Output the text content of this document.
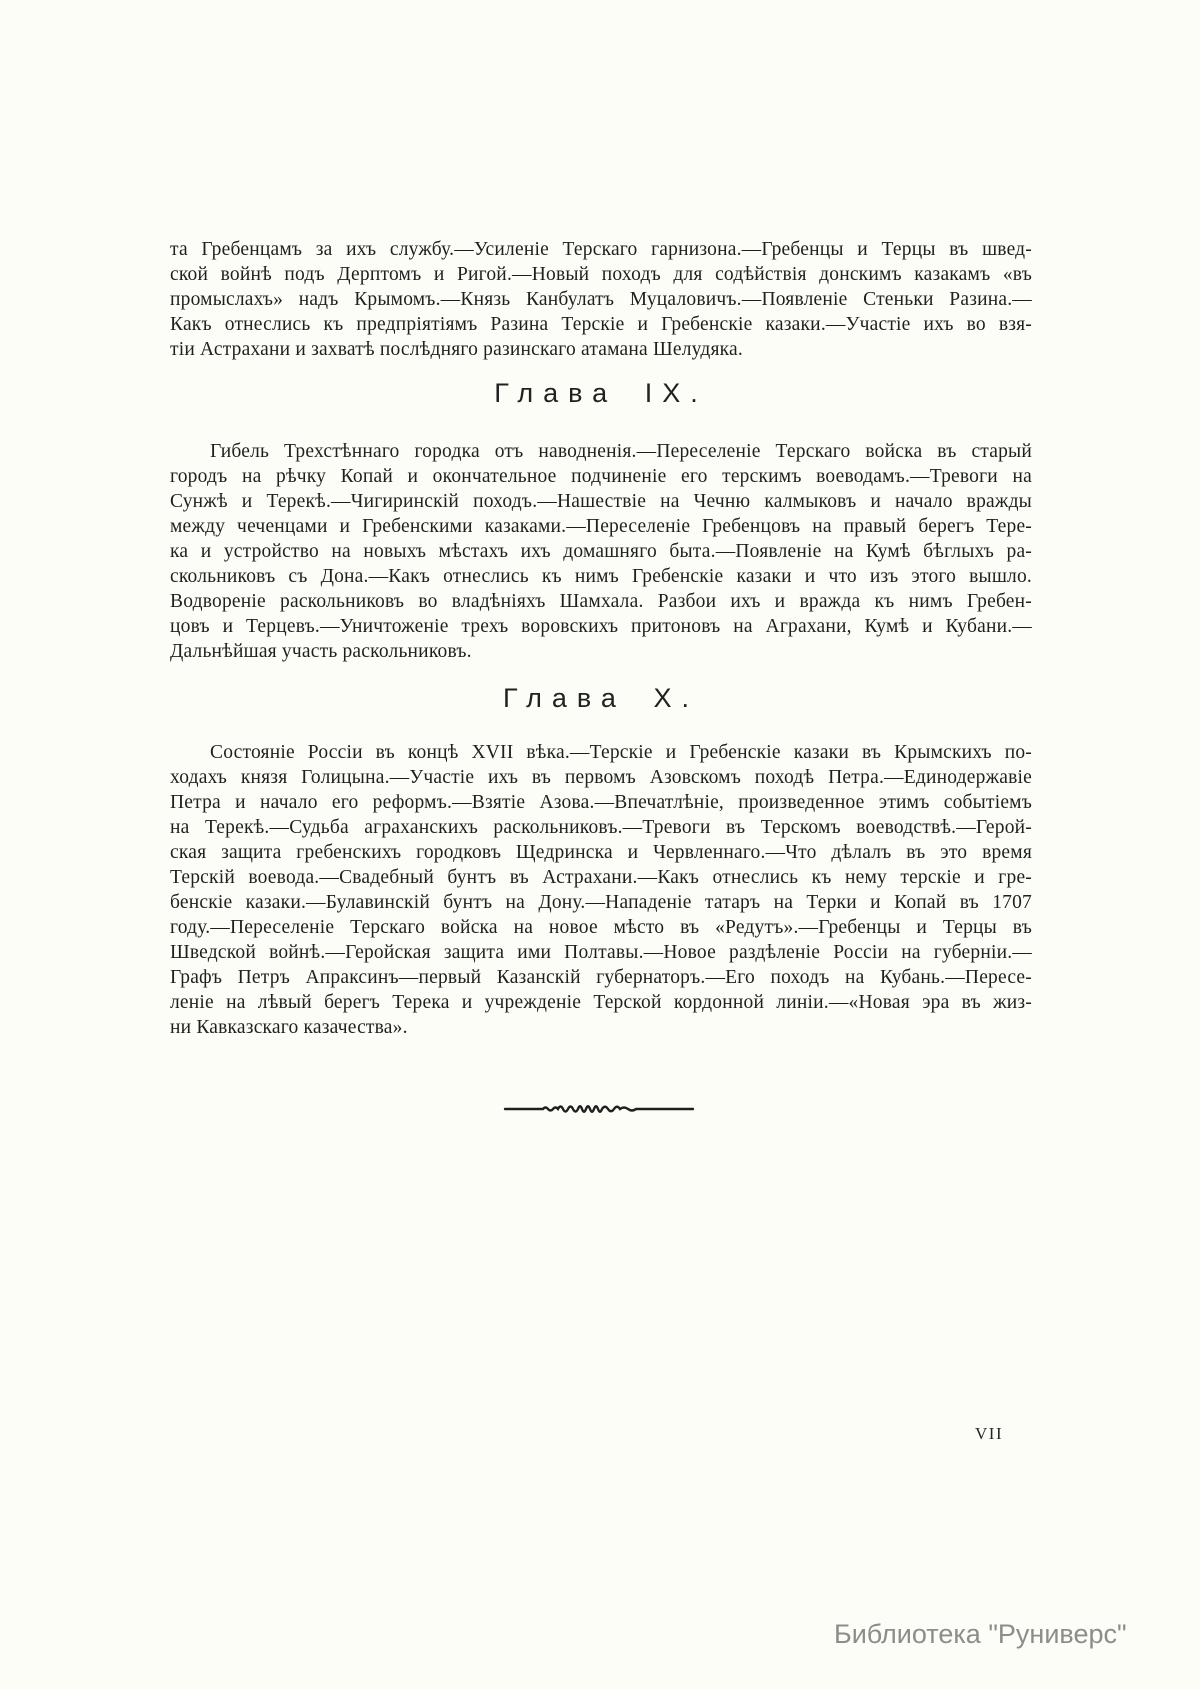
та Гребенцамъ за ихъ службу.—Усиленіе Терскаго гарнизона.—Гребенцы и Терцы въ швед-
ской войнѣ подъ Дерптомъ и Ригой.—Новый походъ для содѣйствія донскимъ казакамъ «въ
промыслахъ» надъ Крымомъ.—Князь Канбулатъ Муцаловичъ.—Появленіе Стеньки Разина.—
Какъ отнеслись къ предпріятіямъ Разина Терскіе и Гребенскіе казаки.—Участіе ихъ во взя-
тіи Астрахани и захватѣ послѣдняго разинскаго атамана Шелудяка.
Глава IX.
Гибель Трехстѣннаго городка отъ наводненія.—Переселеніе Терскаго войска въ старый
городъ на рѣчку Копай и окончательное подчиненіе его терскимъ воеводамъ.—Тревоги на
Сунжѣ и Терекѣ.—Чигиринскій походъ.—Нашествіе на Чечню калмыковъ и начало вражды
между чеченцами и Гребенскими казаками.—Переселеніе Гребенцовъ на правый берегъ Тере-
ка и устройство на новыхъ мѣстахъ ихъ домашняго быта.—Появленіе на Кумѣ бѣглыхъ ра-
скольниковъ съ Дона.—Какъ отнеслись къ нимъ Гребенскіе казаки и что изъ этого вышло.
Водвореніе раскольниковъ во владѣніяхъ Шамхала. Разбои ихъ и вражда къ нимъ Гребен-
цовъ и Терцевъ.—Уничтоженіе трехъ воровскихъ притоновъ на Аграхани, Кумѣ и Кубани.—
Дальнѣйшая участь раскольниковъ.
Глава X.
Состояніе Россіи въ концѣ XVII вѣка.—Терскіе и Гребенскіе казаки въ Крымскихъ по-
ходахъ князя Голицына.—Участіе ихъ въ первомъ Азовскомъ походѣ Петра.—Единодержавіе
Петра и начало его реформъ.—Взятіе Азова.—Впечатлѣніе, произведенное этимъ событіемъ
на Терекѣ.—Судьба аграханскихъ раскольниковъ.—Тревоги въ Терскомъ воеводствѣ.—Герой-
ская защита гребенскихъ городковъ Щедринска и Червленнаго.—Что дѣлалъ въ это время
Терскій воевода.—Свадебный бунтъ въ Астрахани.—Какъ отнеслись къ нему терскіе и гре-
бенскіе казаки.—Булавинскій бунтъ на Дону.—Нападеніе татаръ на Терки и Копай въ 1707
году.—Переселеніе Терскаго войска на новое мѣсто въ «Редутъ».—Гребенцы и Терцы въ
Шведской войнѣ.—Геройская защита ими Полтавы.—Новое раздѣленіе Россіи на губерніи.—
Графъ Петръ Апраксинъ—первый Казанскій губернаторъ.—Его походъ на Кубань.—Пересе-
леніе на лѣвый берегъ Терека и учрежденіе Терской кордонной линіи.—«Новая эра въ жиз-
ни Кавказскаго казачества».
VII
Библиотека "Руниверс"
